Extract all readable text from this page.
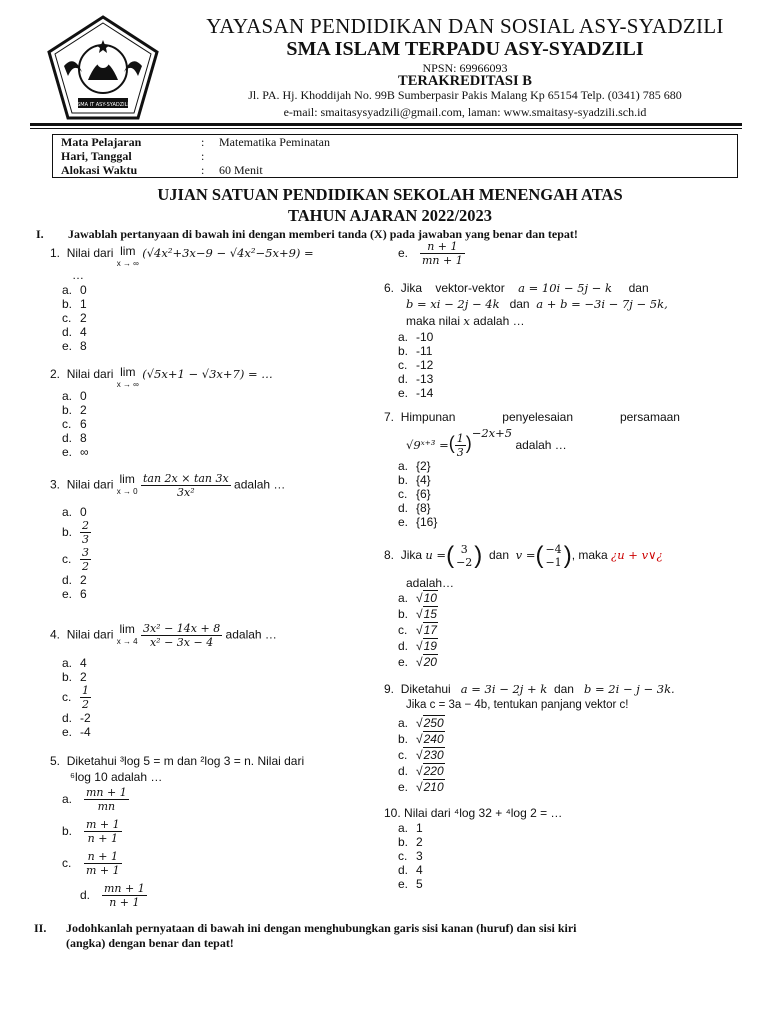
SMA IT ASY-SYADZILI
YAYASAN PENDIDIKAN DAN SOSIAL ASY-SYADZILI
SMA ISLAM TERPADU ASY-SYADZILI
NPSN: 69966093
TERAKREDITASI B
Jl. PA. Hj. Khoddijah No. 99B Sumberpasir Pakis Malang Kp 65154 Telp. (0341) 785 680
e-mail: smaitasysyadzili@gmail.com, laman: www.smaitasy-syadzili.sch.id
Mata Pelajaran	: Matematika Peminatan
Hari, Tanggal	:
Alokasi Waktu	: 60 Menit
UJIAN SATUAN PENDIDIKAN SEKOLAH MENENGAH ATAS
TAHUN AJARAN 2022/2023
I. Jawablah pertanyaan di bawah ini dengan memberi tanda (X) pada jawaban yang benar dan tepat!
1. Nilai dari lim
x → ∞ (√4x²+3x−9 − √4x²−5x+9) =
…
a. 0
b. 1
c. 2
d. 4
e. 8
2. Nilai dari lim
x → ∞ (√5x+1 − √3x+7) = …
a. 0
b. 2
c. 6
d. 8
e. ∞
3. Nilai dari lim
$x \to 0 \frac{\tan 2x \times \tan 3x}{\text{3x²}}$ adalah …
a. 0
b. $\frac{2}{3}$
c. $\frac{3}{2}$
d. 2
e. 6
4. Nilai dari lim
$x \to 4 \frac{\text{3x² − 14x + 8}}{\text{x² − 3x − 4}}$ adalah …
a. 4
b. 2
c. $\frac{1}{2}$
d. -2
e. -4
5. Diketahui ³log 5 = m dan ²log 3 = n. Nilai dari
⁶log 10 adalah …
a. $\frac{mn + 1}{mn}$
b. $\frac{m + 1}{n + 1}$
c. $\frac{n + 1}{m + 1}$
d. $\frac{mn + 1}{n + 1}$
e. $\frac{n + 1}{mn + 1}$
6. Jika vektor-vektor a = 10i − 5j − k dan
b = xi − 2j − 4k dan a + b = −3i − 7j − 5k,
maka nilai x adalah …
a. -10
b. -11
c. -12
d. -13
e. -14
7. Himpunan	penyelesaian	persamaan
√9ˣ⁺³ =( $\frac{1}{3} )^{-2x+5}$ adalah …
a. {2}
b. {4}
c. {6}
d. {8}
e. {16}
8. Jika u =( 3
−2 ) dan v =( −4
−1 ), maka ¿u + v∨¿
adalah…
a. √10
b. √15
c. √17
d. √19
e. √20
9. Diketahui a = 3i − 2j + k dan b = 2i − j − 3k.
Jika c = 3a − 4b, tentukan panjang vektor c!
a. √250
b. √240
c. √230
d. √220
e. √210
10. Nilai dari ⁴log 32 + ⁴log 2 = …
a. 1
b. 2
c. 3
d. 4
e. 5
II. Jodohkanlah pernyataan di bawah ini dengan menghubungkan garis sisi kanan (huruf) dan sisi kiri
(angka) dengan benar dan tepat!
